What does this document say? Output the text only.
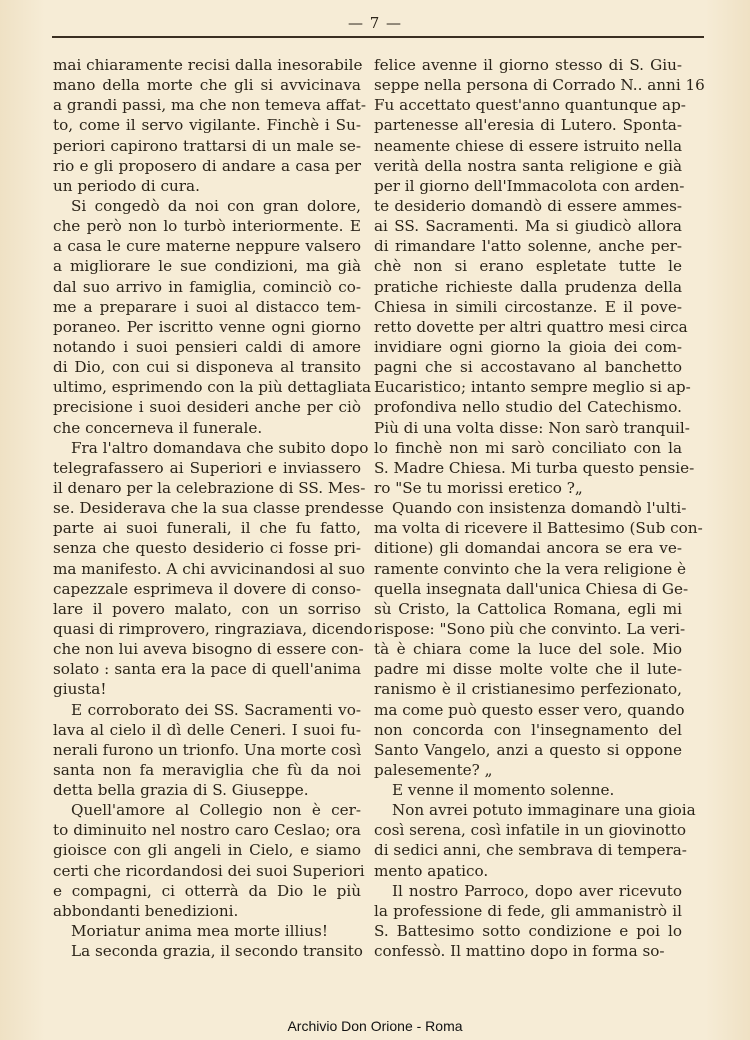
— 7 —
mai chiaramente recisi dalla inesorabile
mano della morte che gli si avvicinava
a grandi passi, ma che non temeva affat-
to, come il servo vigilante. Finchè i Su-
periori capirono trattarsi di un male se-
rio e gli proposero di andare a casa per
un periodo di cura.
Si congedò da noi con gran dolore,
che però non lo turbò interiormente. E
a casa le cure materne neppure valsero
a migliorare le sue condizioni, ma già
dal suo arrivo in famiglia, cominciò co-
me a preparare i suoi al distacco tem-
poraneo. Per iscritto venne ogni giorno
notando i suoi pensieri caldi di amore
di Dio, con cui si disponeva al transito
ultimo, esprimendo con la più dettagliata
precisione i suoi desideri anche per ciò
che concerneva il funerale.
Fra l'altro domandava che subito dopo
telegrafassero ai Superiori e inviassero
il denaro per la celebrazione di SS. Mes-
se. Desiderava che la sua classe prendesse
parte ai suoi funerali, il che fu fatto,
senza che questo desiderio ci fosse pri-
ma manifesto. A chi avvicinandosi al suo
capezzale esprimeva il dovere di conso-
lare il povero malato, con un sorriso
quasi di rimprovero, ringraziava, dicendo
che non lui aveva bisogno di essere con-
solato : santa era la pace di quell'anima
giusta!
E corroborato dei SS. Sacramenti vo-
lava al cielo il dì delle Ceneri. I suoi fu-
nerali furono un trionfo. Una morte così
santa non fa meraviglia che fù da noi
detta bella grazia di S. Giuseppe.
Quell'amore al Collegio non è cer-
to diminuito nel nostro caro Ceslao; ora
gioisce con gli angeli in Cielo, e siamo
certi che ricordandosi dei suoi Superiori
e compagni, ci otterrà da Dio le più
abbondanti benedizioni.
Moriatur anima mea morte illius!
La seconda grazia, il secondo transito
felice avenne il giorno stesso di S. Giu-
seppe nella persona di Corrado N.. anni 16
Fu accettato quest'anno quantunque ap-
partenesse all'eresia di Lutero. Sponta-
neamente chiese di essere istruito nella
verità della nostra santa religione e già
per il giorno dell'Immacolota con arden-
te desiderio domandò di essere ammes-
ai SS. Sacramenti. Ma si giudicò allora
di rimandare l'atto solenne, anche per-
chè non si erano espletate tutte le
pratiche richieste dalla prudenza della
Chiesa in simili circostanze. E il pove-
retto dovette per altri quattro mesi circa
invidiare ogni giorno la gioia dei com-
pagni che si accostavano al banchetto
Eucaristico; intanto sempre meglio si ap-
profondiva nello studio del Catechismo.
Più di una volta disse: Non sarò tranquil-
lo finchè non mi sarò conciliato con la
S. Madre Chiesa. Mi turba questo pensie-
ro "Se tu morissi eretico ?„
Quando con insistenza domandò l'ulti-
ma volta di ricevere il Battesimo (Sub con-
ditione) gli domandai ancora se era ve-
ramente convinto che la vera religione è
quella insegnata dall'unica Chiesa di Ge-
sù Cristo, la Cattolica Romana, egli mi
rispose: "Sono più che convinto. La veri-
tà è chiara come la luce del sole. Mio
padre mi disse molte volte che il lute-
ranismo è il cristianesimo perfezionato,
ma come può questo esser vero, quando
non concorda con l'insegnamento del
Santo Vangelo, anzi a questo si oppone
palesemente? „
E venne il momento solenne.
Non avrei potuto immaginare una gioia
così serena, così infatile in un giovinotto
di sedici anni, che sembrava di tempera-
mento apatico.
Il nostro Parroco, dopo aver ricevuto
la professione di fede, gli ammanistrò il
S. Battesimo sotto condizione e poi lo
confessò. Il mattino dopo in forma so-
Archivio Don Orione - Roma
